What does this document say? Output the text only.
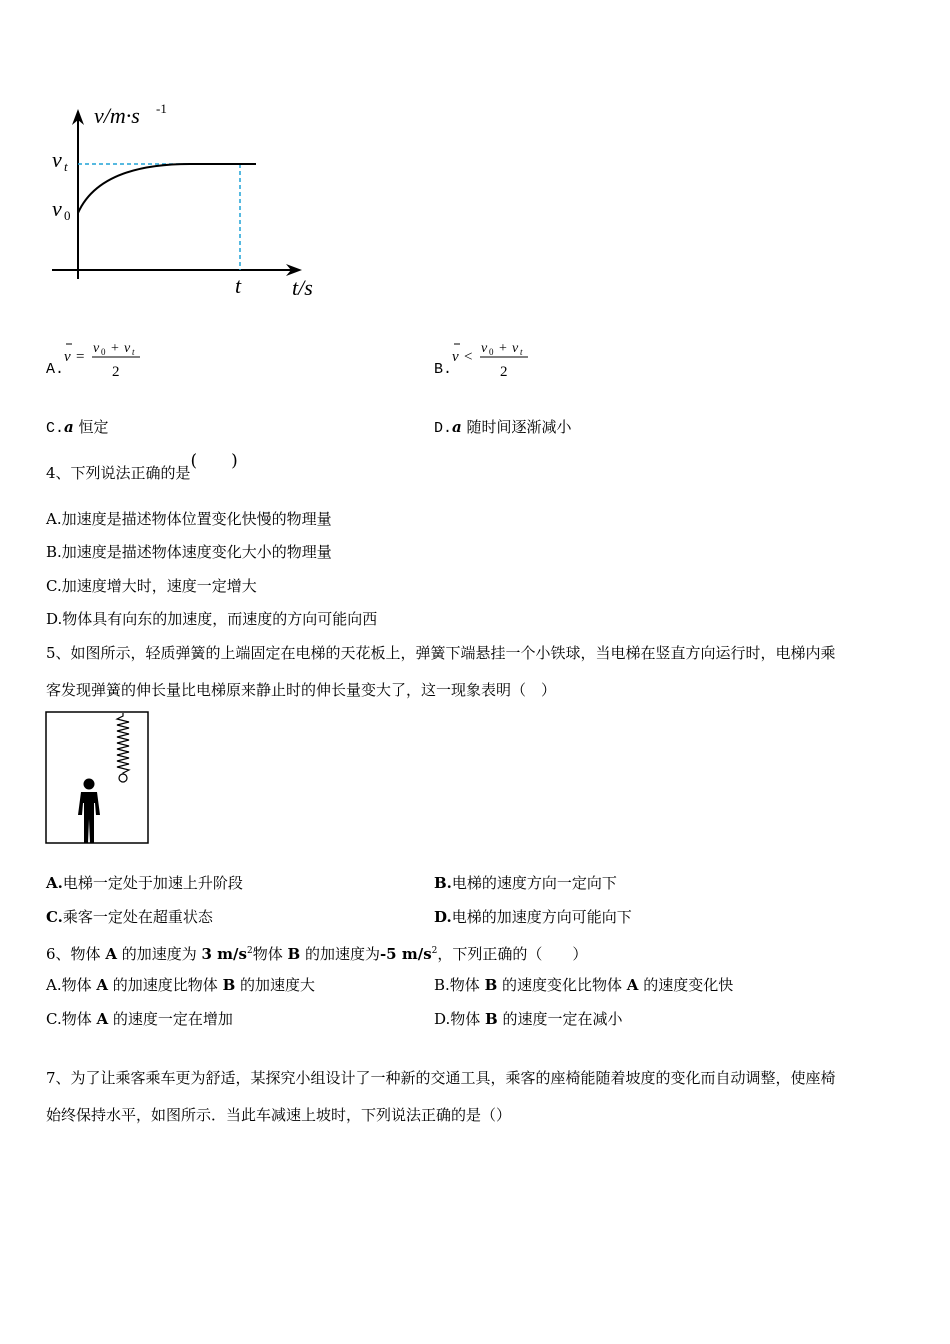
v/m·s -1
v t
v 0
t t/s
A.
v =
v 0 + v t
2	B.
v <
v 0 + v t
2
C.a 恒定	D.a 随时间逐渐减小
4、下列说法正确的是(　　)
A.加速度是描述物体位置变化快慢的物理量
B.加速度是描述物体速度变化大小的物理量
C.加速度增大时，速度一定增大
D.物体具有向东的加速度，而速度的方向可能向西
5、如图所示，轻质弹簧的上端固定在电梯的天花板上，弹簧下端悬挂一个小铁球，当电梯在竖直方向运行时，电梯内乘
客发现弹簧的伸长量比电梯原来静止时的伸长量变大了，这一现象表明（　）
A.电梯一定处于加速上升阶段	B.电梯的速度方向一定向下
C.乘客一定处在超重状态	D.电梯的加速度方向可能向下
6、物体 A 的加速度为 3 $m/s^2$物体 B 的加速度为-5 $m/s^2$，下列正确的（　　）
A.物体 A 的加速度比物体 B 的加速度大	B.物体 B 的速度变化比物体 A 的速度变化快
C.物体 A 的速度一定在增加	D.物体 B 的速度一定在减小
7、为了让乘客乘车更为舒适，某探究小组设计了一种新的交通工具，乘客的座椅能随着坡度的变化而自动调整，使座椅
始终保持水平，如图所示．当此车减速上坡时，下列说法正确的是（）
